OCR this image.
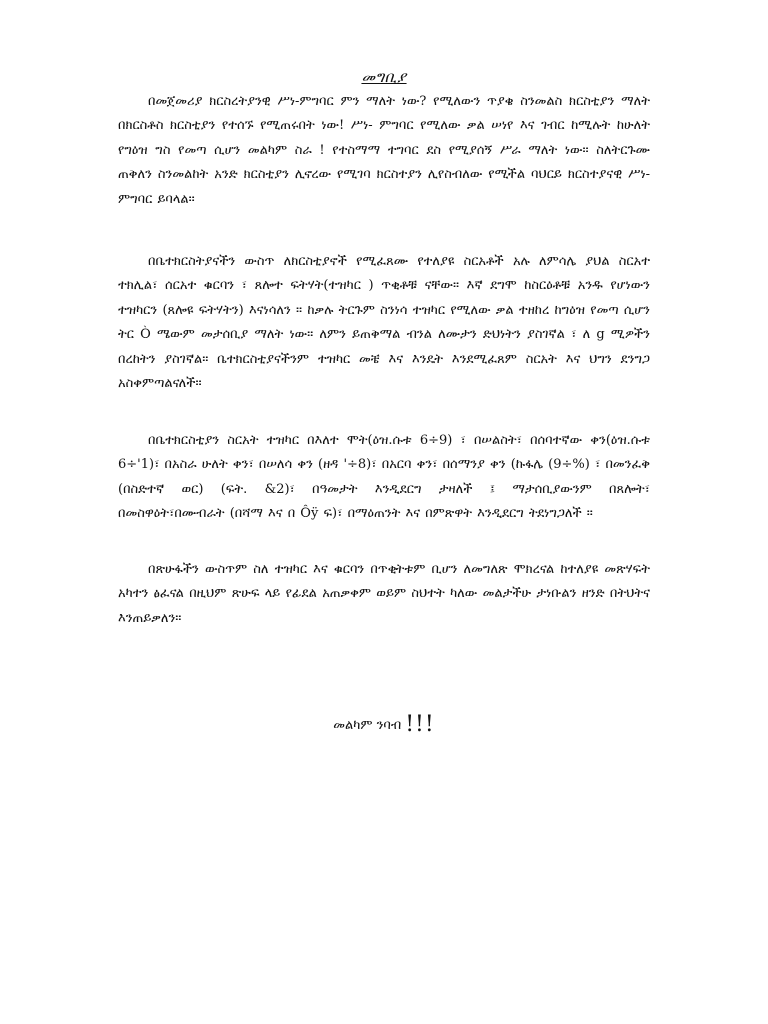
መግቢያ

በመጀመሪያ ክርስረትያንዊ ሥነ-ምግባር ምን ማለት ነው? የሚለውን ጥያቄ ስንመልስ ክርስቲያን ማለት በክርስቶስ ክርስቲያን የተሰኙ የሚጠሩበት ነው! ሥነ- ምግባር የሚለው ቃል ሠነየ እና ገብር ከሚሉት ከሁለት የግዕዝ ግስ የመጣ ሲሆን መልካም ስራ ! የተስማማ ተግባር ደስ የሚያሰኝ ሥራ ማለት ነው። ስለትርጉሙ ጠቅለን ስንመልከት አንድ ክርስቲያን ሊኖረው የሚገባ ክርስተያን ሊየስብለው የሚችል ባህርይ ክርስተያናዊ ሥነ-ምግባር ይባላል።

በቤተክርስትያናችን ውስጥ ለክርስቲያኖች የሚፈጸሙ የተለያዩ ስርአቶች አሉ ለምሳሌ ያህል ስርአተ ተክሊል፣ ሰርአተ ቁርባን ፣ ጸሎተ ፍትሃት(ተዝካር ) ጥቂቶቹ ናቸው። እኛ ደግሞ ከስርዕቶቹ አንዱ የሆነውን ተዝካርን (ጸሎዩ ፍትሃትን) እናነሳለን ። ከቃሉ ትርጉም ስንነሳ ተዝካር የሚለው ቃል ተዘከረ ከግዕዝ የመጣ ሲሆን ትር Ò ሜውም መታሰቢያ ማለት ነው። ለምን ይጠቅማል ብንል ለሙታን ድህነትን ያስገኛል ፣ ለ g ሚዎችን በረከትን ያስገኛል። ቤተክርስቲያናችንም ተዝካር መቼ እና እንዴት እንደሚፈጸም ስርአት እና ህግን ደንግጋ አስቀምጣልናለች።

በቤተክርስቲያን ስርአት ተዝካር በእለተ ሞት(ዕዝ.ሱቱ 6÷9) ፣ በሠልስት፣ በሰባተኛው ቀን(ዕዝ.ሱቱ 6÷'1)፣ በአስራ ሁለት ቀን፣ በሠለሳ ቀን (ዘዳ '÷8)፣ በአርባ ቀን፣ በሰማንያ ቀን (ኩፋሌ (9÷%) ፣ በመንፈቅ (በስድተኛ ወር) (ፍት. &2)፣ በዓመታት እንዲደርግ ታዛለች ፤ ማታሰቢያውንም በጸሎት፣ በመስዋዕት፣በሙብራት (በሻማ እና በ Ôÿ ፍ)፣ በማዕጠንት እና በምጽዋት እንዲደርግ ትደነግጋለች ።

በጽሁፋችን ውስጥም ስለ ተዝካር እና ቁርባን በጥቂትቱም ቢሆን ለመግለጽ ሞክረናል ከተለያዩ መጽሃፍት አካተን ፅፈናል በዚህም ጽሁፍ ላይ የፊደል አጠቃቀም ወይም ስህተት ካለው መልታችሁ ታነቡልን ዘንድ በትህትና እንጠይቃለን።

መልካም ንባብ !!!
